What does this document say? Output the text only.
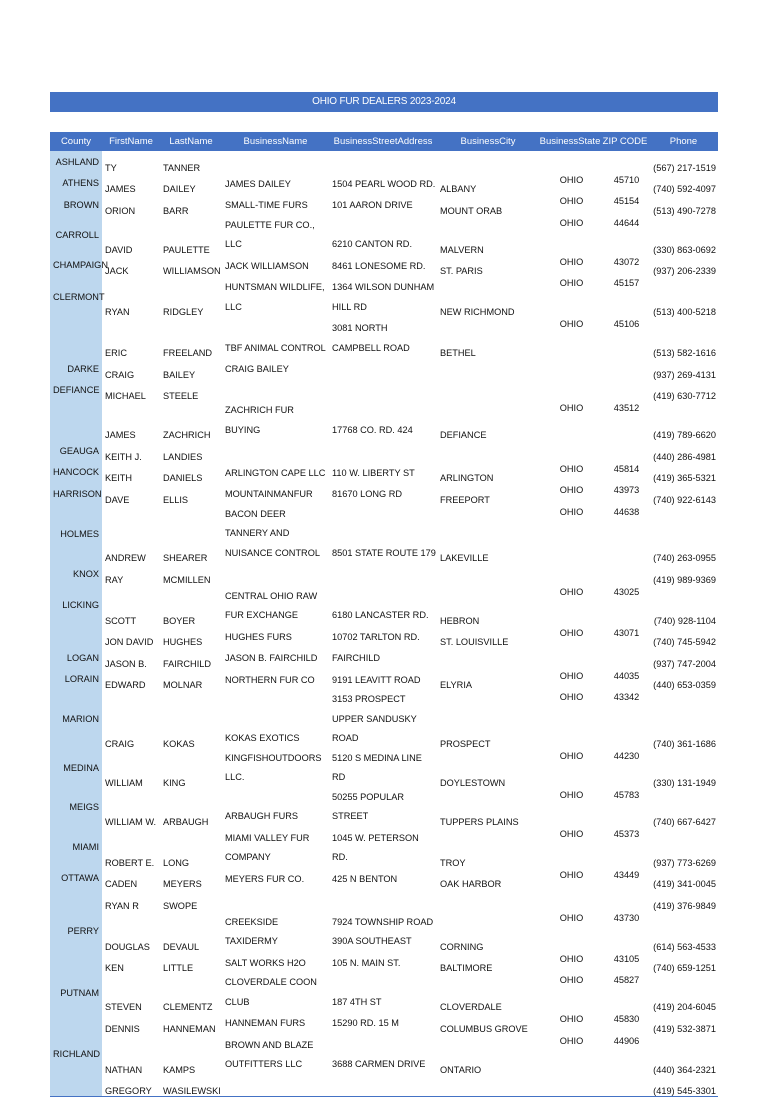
OHIO FUR DEALERS 2023-2024
County	FirstName	LastName	BusinessName	BusinessStreetAddress	BusinessCity	BusinessState	ZIP CODE	Phone
ASHLAND	TY	TANNER						(567) 217-1519
ATHENS	JAMES	DAILEY	JAMES DAILEY	1504 PEARL WOOD RD.	ALBANY	OHIO	45710	(740) 592-4097
BROWN	ORION	BARR	SMALL-TIME FURS	101 AARON DRIVE	MOUNT ORAB	OHIO	45154	(513) 490-7278
CARROLL	DAVID	PAULETTE	PAULETTE FUR CO., LLC	6210 CANTON RD.	MALVERN	OHIO	44644	(330) 863-0692
CHAMPAIGN	JACK	WILLIAMSON	JACK WILLIAMSON	8461 LONESOME RD.	ST. PARIS	OHIO	43072	(937) 206-2339
CLERMONT	RYAN	RIDGLEY	HUNTSMAN WILDLIFE, LLC	1364 WILSON DUNHAM HILL RD	NEW RICHMOND	OHIO	45157	(513) 400-5218
	ERIC	FREELAND	TBF ANIMAL CONTROL	3081 NORTH CAMPBELL ROAD	BETHEL	OHIO	45106	(513) 582-1616
DARKE	CRAIG	BAILEY	CRAIG BAILEY					(937) 269-4131
DEFIANCE	MICHAEL	STEELE						(419) 630-7712
	JAMES	ZACHRICH	ZACHRICH FUR BUYING	17768 CO. RD. 424	DEFIANCE	OHIO	43512	(419) 789-6620
GEAUGA	KEITH J.	LANDIES						(440) 286-4981
HANCOCK	KEITH	DANIELS	ARLINGTON CAPE LLC	110 W. LIBERTY ST	ARLINGTON	OHIO	45814	(419) 365-5321
HARRISON	DAVE	ELLIS	MOUNTAINMANFUR	81670 LONG RD	FREEPORT	OHIO	43973	(740) 922-6143
HOLMES	ANDREW	SHEARER	BACON DEER TANNERY AND NUISANCE CONTROL	8501 STATE ROUTE 179	LAKEVILLE	OHIO	44638	(740) 263-0955
KNOX	RAY	MCMILLEN						(419) 989-9369
LICKING	SCOTT	BOYER	CENTRAL OHIO RAW FUR EXCHANGE	6180 LANCASTER RD.	HEBRON	OHIO	43025	(740) 928-1104
	JON DAVID	HUGHES	HUGHES FURS	10702 TARLTON RD.	ST. LOUISVILLE	OHIO	43071	(740) 745-5942
LOGAN	JASON B.	FAIRCHILD	JASON B. FAIRCHILD	FAIRCHILD				(937) 747-2004
LORAIN	EDWARD	MOLNAR	NORTHERN FUR CO	9191 LEAVITT ROAD	ELYRIA	OHIO	44035	(440) 653-0359
MARION	CRAIG	KOKAS	KOKAS EXOTICS	3153 PROSPECT UPPER SANDUSKY ROAD	PROSPECT	OHIO	43342	(740) 361-1686
MEDINA	WILLIAM	KING	KINGFISHOUTDOORS LLC.	5120 S MEDINA LINE RD	DOYLESTOWN	OHIO	44230	(330) 131-1949
MEIGS	WILLIAM W.	ARBAUGH	ARBAUGH FURS	50255 POPULAR STREET	TUPPERS PLAINS	OHIO	45783	(740) 667-6427
MIAMI	ROBERT E.	LONG	MIAMI VALLEY FUR COMPANY	1045 W. PETERSON RD.	TROY	OHIO	45373	(937) 773-6269
OTTAWA	CADEN	MEYERS	MEYERS FUR CO.	425 N BENTON	OAK HARBOR	OHIO	43449	(419) 341-0045
	RYAN R	SWOPE						(419) 376-9849
PERRY	DOUGLAS	DEVAUL	CREEKSIDE TAXIDERMY	7924 TOWNSHIP ROAD 390A SOUTHEAST	CORNING	OHIO	43730	(614) 563-4533
	KEN	LITTLE	SALT WORKS H2O	105 N. MAIN ST.	BALTIMORE	OHIO	43105	(740) 659-1251
PUTNAM	STEVEN	CLEMENTZ	CLOVERDALE COON CLUB	187 4TH ST	CLOVERDALE	OHIO	45827	(419) 204-6045
	DENNIS	HANNEMAN	HANNEMAN FURS	15290 RD. 15 M	COLUMBUS GROVE	OHIO	45830	(419) 532-3871
RICHLAND	NATHAN	KAMPS	BROWN AND BLAZE OUTFITTERS LLC	3688 CARMEN DRIVE	ONTARIO	OHIO	44906	(440) 364-2321
	GREGORY	WASILEWSKI						(419) 545-3301
